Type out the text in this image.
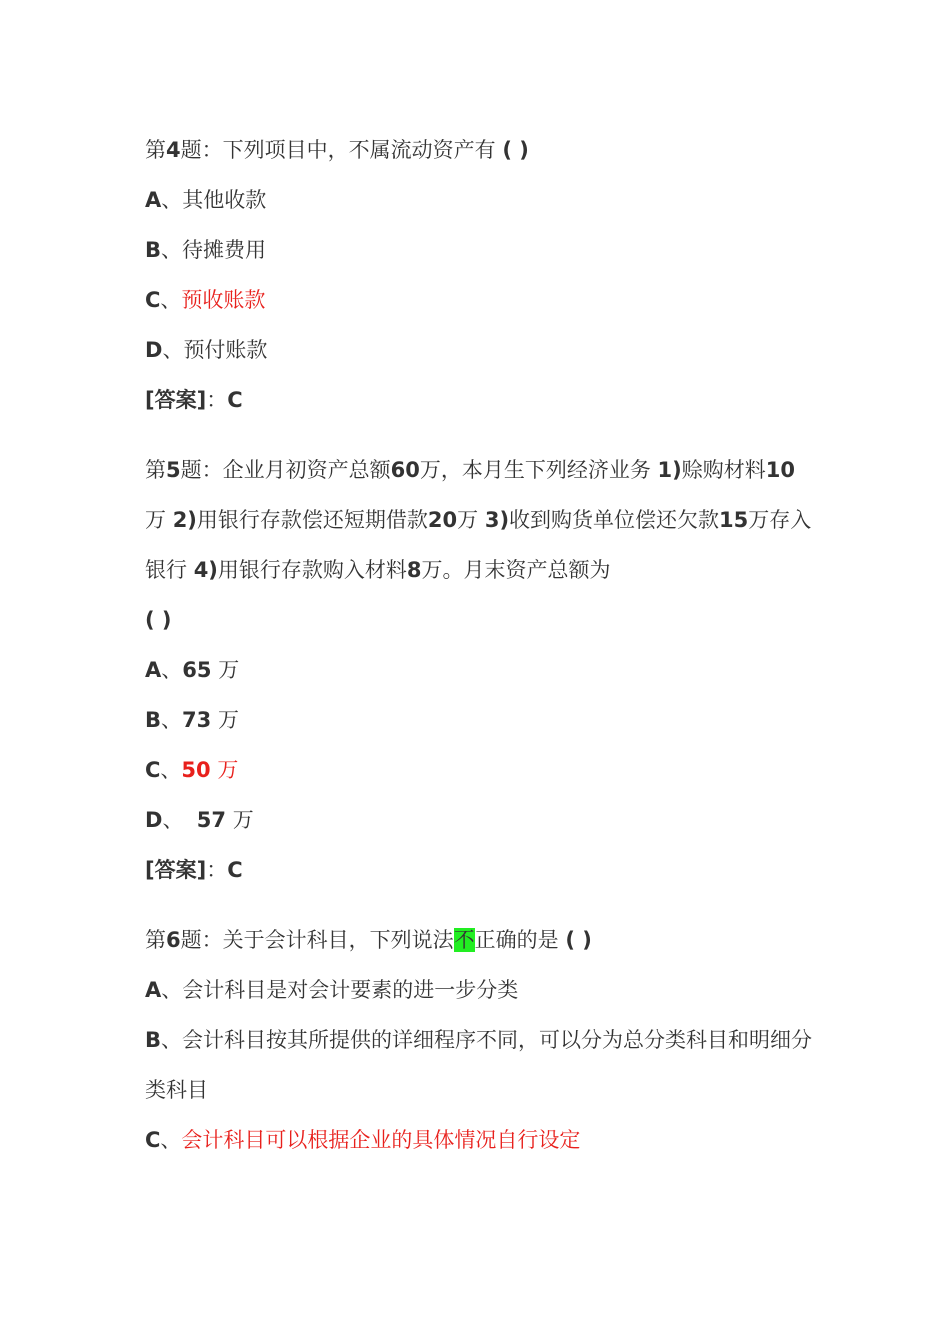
第4题：下列项目中，不属流动资产有 ( )
A、其他收款
B、待摊费用
C、预收账款
D、预付账款
[答案]：C
第5题：企业月初资产总额60万，本月生下列经济业务 1)赊购材料10万 2)用银行存款偿还短期借款20万 3)收到购货单位偿还欠款15万存入银行 4)用银行存款购入材料8万。月末资产总额为
( )
A、65 万
B、73 万
C、50 万
D、 57 万
[答案]：C
第6题：关于会计科目，下列说法不正确的是 ( )
A、会计科目是对会计要素的进一步分类
B、会计科目按其所提供的详细程序不同，可以分为总分类科目和明细分类科目
C、会计科目可以根据企业的具体情况自行设定
